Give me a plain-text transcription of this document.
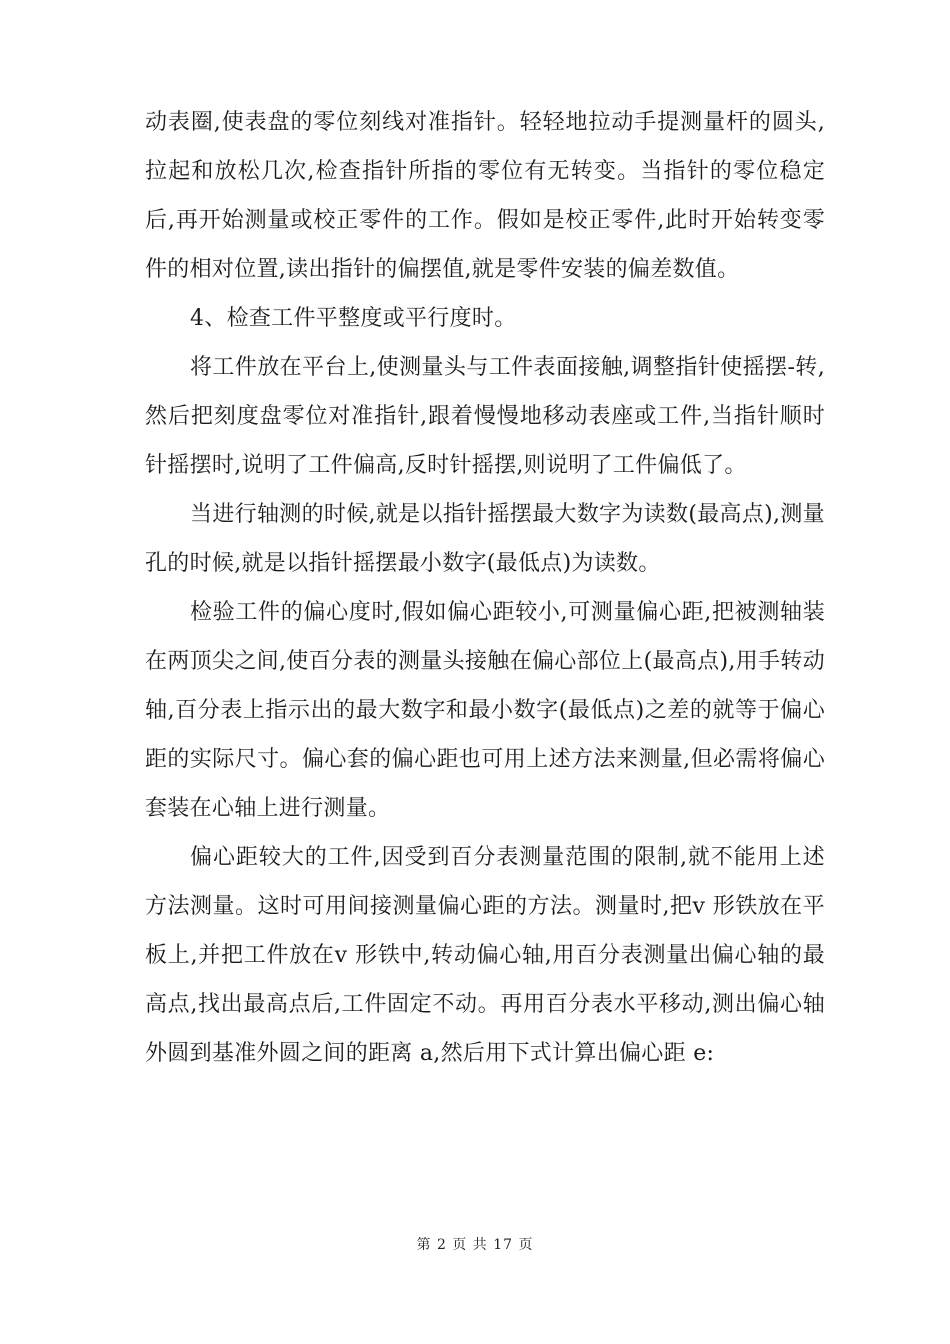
动表圈,使表盘的零位刻线对准指针。轻轻地拉动手提测量杆的圆头,拉起和放松几次,检查指针所指的零位有无转变。当指针的零位稳定后,再开始测量或校正零件的工作。假如是校正零件,此时开始转变零件的相对位置,读出指针的偏摆值,就是零件安装的偏差数值。

4、检查工件平整度或平行度时。

将工件放在平台上,使测量头与工件表面接触,调整指针使摇摆-转,然后把刻度盘零位对准指针,跟着慢慢地移动表座或工件,当指针顺时针摇摆时,说明了工件偏高,反时针摇摆,则说明了工件偏低了。

当进行轴测的时候,就是以指针摇摆最大数字为读数(最高点),测量孔的时候,就是以指针摇摆最小数字(最低点)为读数。

检验工件的偏心度时,假如偏心距较小,可测量偏心距,把被测轴装在两顶尖之间,使百分表的测量头接触在偏心部位上(最高点),用手转动轴,百分表上指示出的最大数字和最小数字(最低点)之差的就等于偏心距的实际尺寸。偏心套的偏心距也可用上述方法来测量,但必需将偏心套装在心轴上进行测量。

偏心距较大的工件,因受到百分表测量范围的限制,就不能用上述方法测量。这时可用间接测量偏心距的方法。测量时,把v 形铁放在平板上,并把工件放在v 形铁中,转动偏心轴,用百分表测量出偏心轴的最高点,找出最高点后,工件固定不动。再用百分表水平移动,测出偏心轴外圆到基准外圆之间的距离 a,然后用下式计算出偏心距 e:

第 2 页 共 17 页
